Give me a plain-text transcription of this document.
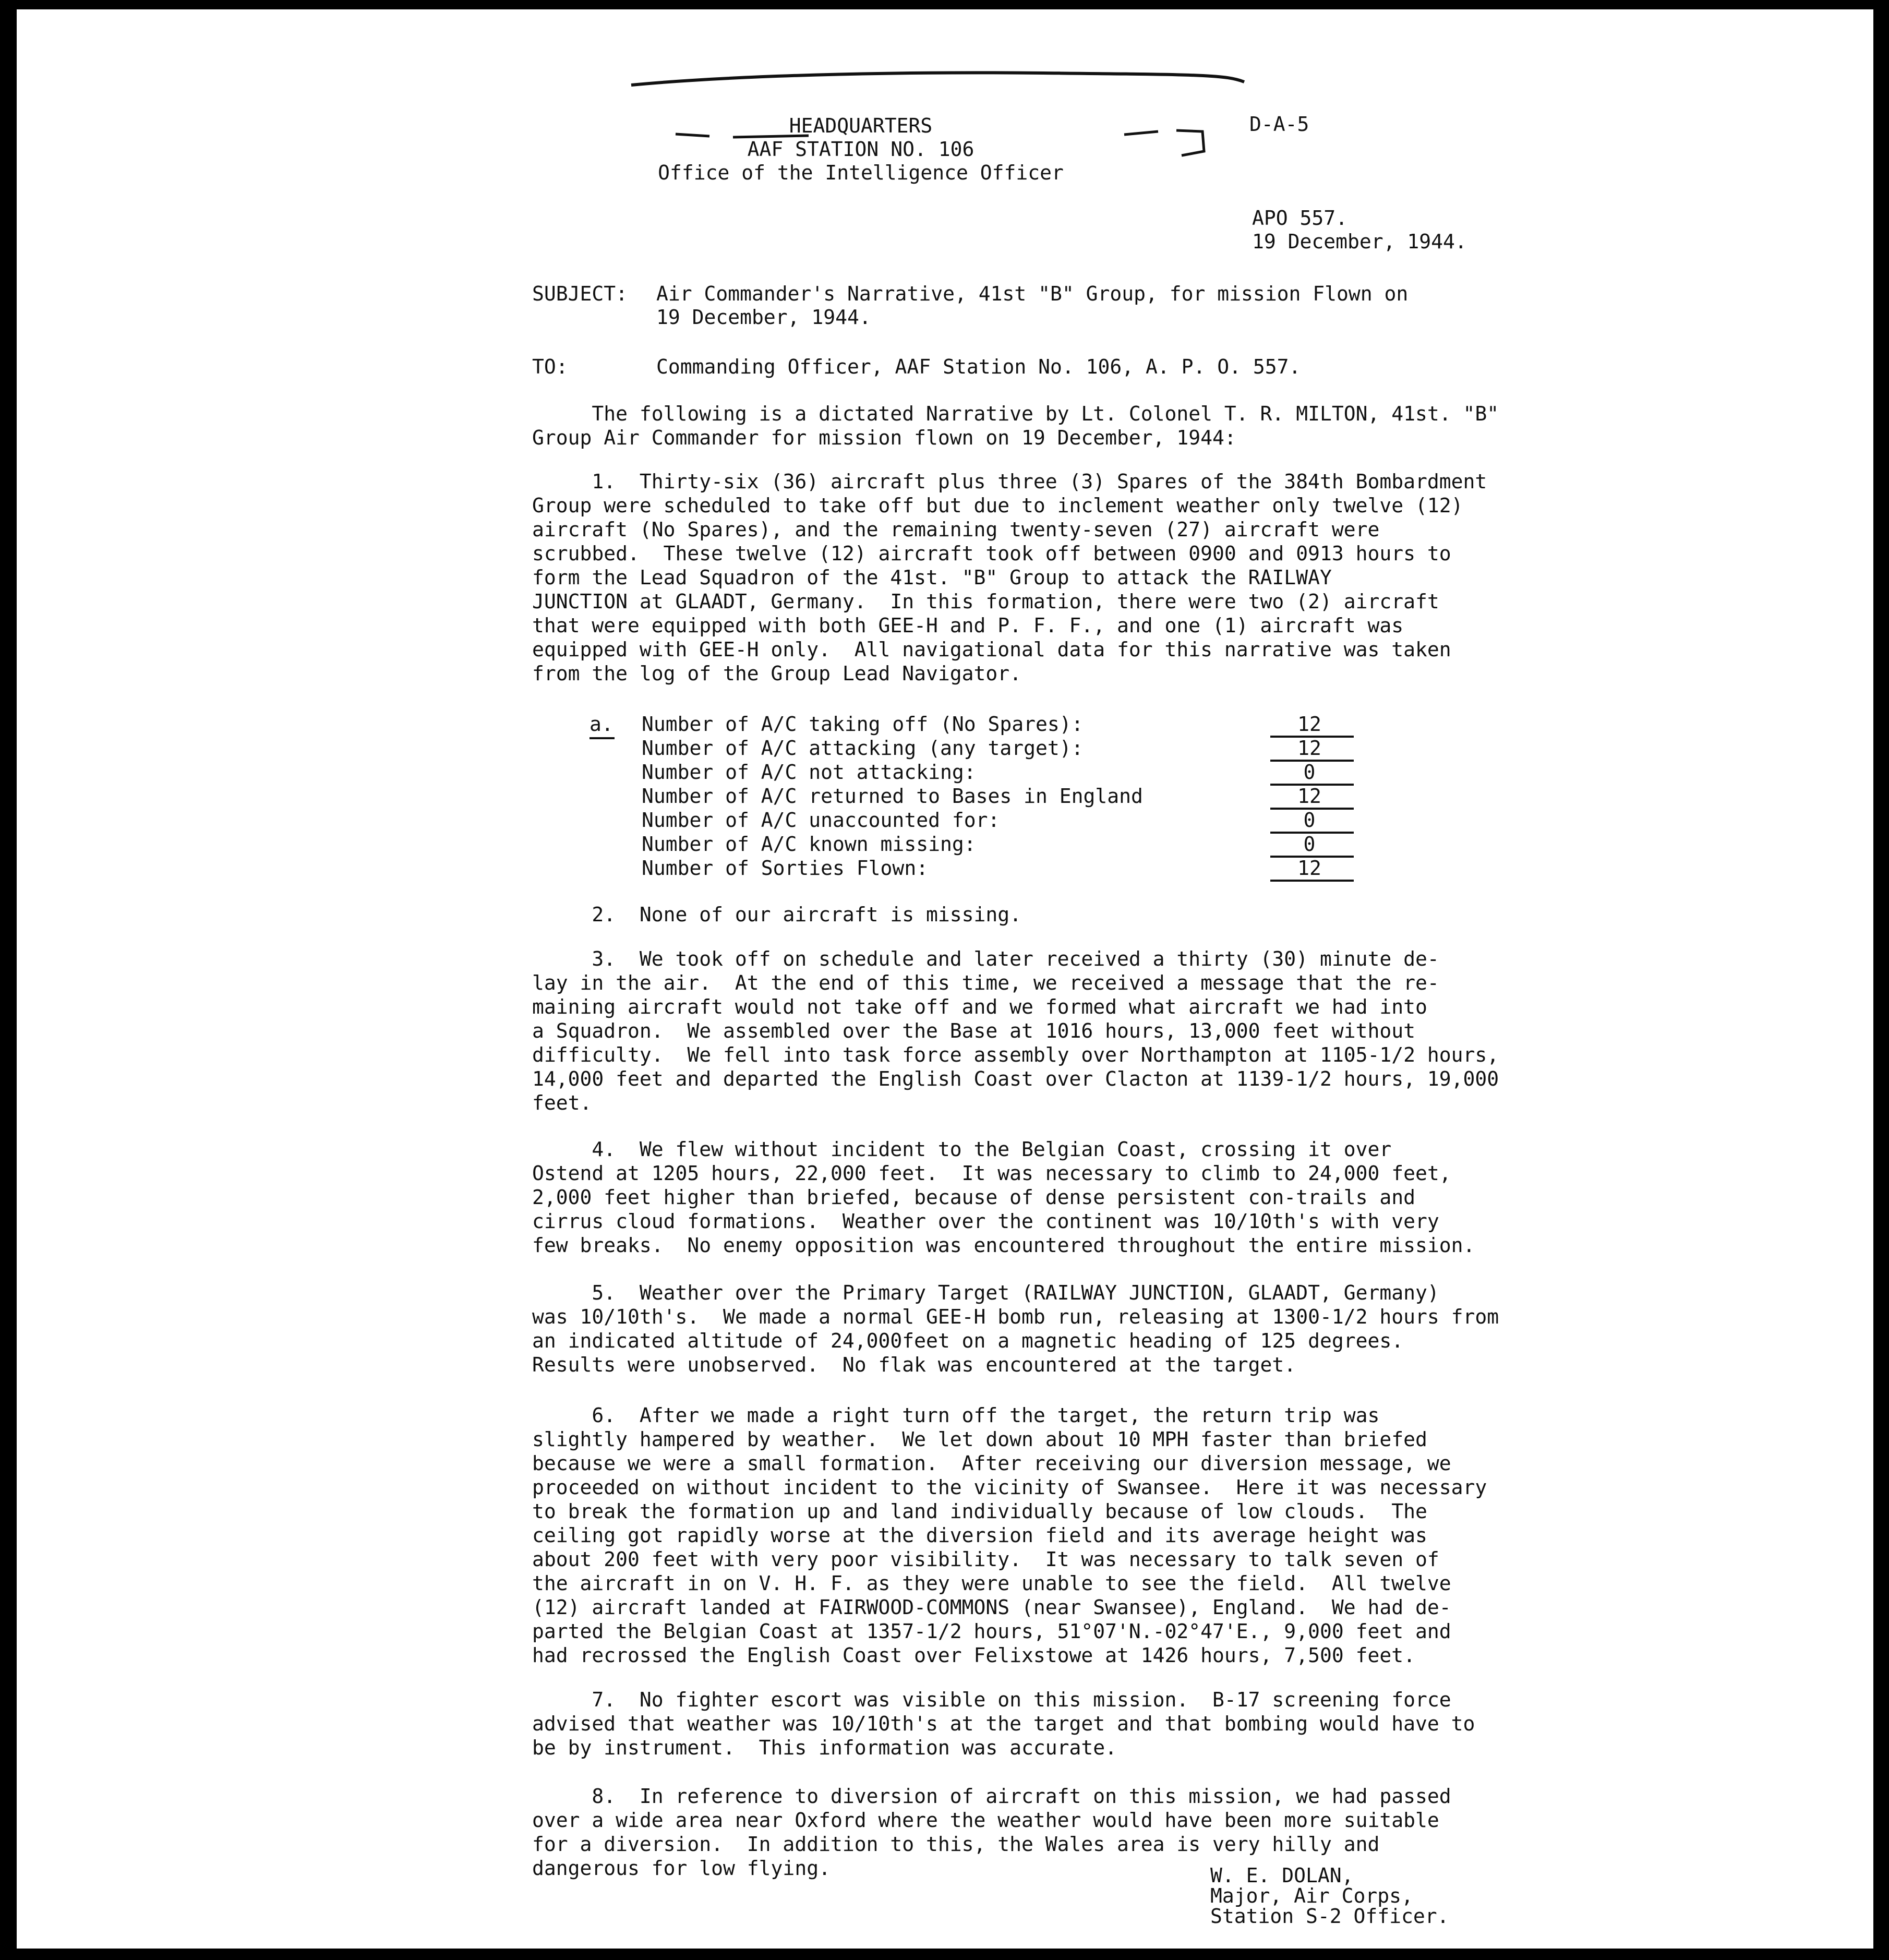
D-A-5
HEADQUARTERS
AAF STATION NO. 106
Office of the Intelligence Officer
APO 557.
19 December, 1944.
SUBJECT: Air Commander's Narrative, 41st "B" Group, for mission Flown on
19 December, 1944.
TO:	Commanding Officer, AAF Station No. 106, A. P. O. 557.
The following is a dictated Narrative by Lt. Colonel T. R. MILTON, 41st. "B"
Group Air Commander for mission flown on 19 December, 1944:
1.  Thirty-six (36) aircraft plus three (3) Spares of the 384th Bombardment
Group were scheduled to take off but due to inclement weather only twelve (12)
aircraft (No Spares), and the remaining twenty-seven (27) aircraft were
scrubbed.  These twelve (12) aircraft took off between 0900 and 0913 hours to
form the Lead Squadron of the 41st. "B" Group to attack the RAILWAY
JUNCTION at GLAADT, Germany.  In this formation, there were two (2) aircraft
that were equipped with both GEE-H and P. F. F., and one (1) aircraft was
equipped with GEE-H only.  All navigational data for this narrative was taken
from the log of the Group Lead Navigator.
a. Number of A/C taking off (No Spares):	12
Number of A/C attacking (any target):	12
Number of A/C not attacking:	0
Number of A/C returned to Bases in England	12
Number of A/C unaccounted for:	0
Number of A/C known missing:	0
Number of Sorties Flown:	12
2.  None of our aircraft is missing.
3.  We took off on schedule and later received a thirty (30) minute de-
lay in the air.  At the end of this time, we received a message that the re-
maining aircraft would not take off and we formed what aircraft we had into
a Squadron.  We assembled over the Base at 1016 hours, 13,000 feet without
difficulty.  We fell into task force assembly over Northampton at 1105-1/2 hours,
14,000 feet and departed the English Coast over Clacton at 1139-1/2 hours, 19,000
feet.
4.  We flew without incident to the Belgian Coast, crossing it over
Ostend at 1205 hours, 22,000 feet.  It was necessary to climb to 24,000 feet,
2,000 feet higher than briefed, because of dense persistent con-trails and
cirrus cloud formations.  Weather over the continent was 10/10th's with very
few breaks.  No enemy opposition was encountered throughout the entire mission.
5.  Weather over the Primary Target (RAILWAY JUNCTION, GLAADT, Germany)
was 10/10th's.  We made a normal GEE-H bomb run, releasing at 1300-1/2 hours from
an indicated altitude of 24,000feet on a magnetic heading of 125 degrees.
Results were unobserved.  No flak was encountered at the target.
6.  After we made a right turn off the target, the return trip was
slightly hampered by weather.  We let down about 10 MPH faster than briefed
because we were a small formation.  After receiving our diversion message, we
proceeded on without incident to the vicinity of Swansee.  Here it was necessary
to break the formation up and land individually because of low clouds.  The
ceiling got rapidly worse at the diversion field and its average height was
about 200 feet with very poor visibility.  It was necessary to talk seven of
the aircraft in on V. H. F. as they were unable to see the field.  All twelve
(12) aircraft landed at FAIRWOOD-COMMONS (near Swansee), England.  We had de-
parted the Belgian Coast at 1357-1/2 hours, 51°07'N.-02°47'E., 9,000 feet and
had recrossed the English Coast over Felixstowe at 1426 hours, 7,500 feet.
7.  No fighter escort was visible on this mission.  B-17 screening force
advised that weather was 10/10th's at the target and that bombing would have to
be by instrument.  This information was accurate.
8.  In reference to diversion of aircraft on this mission, we had passed
over a wide area near Oxford where the weather would have been more suitable
for a diversion.  In addition to this, the Wales area is very hilly and
dangerous for low flying.	W. E. DOLAN,
Major, Air Corps,
Station S-2 Officer.
